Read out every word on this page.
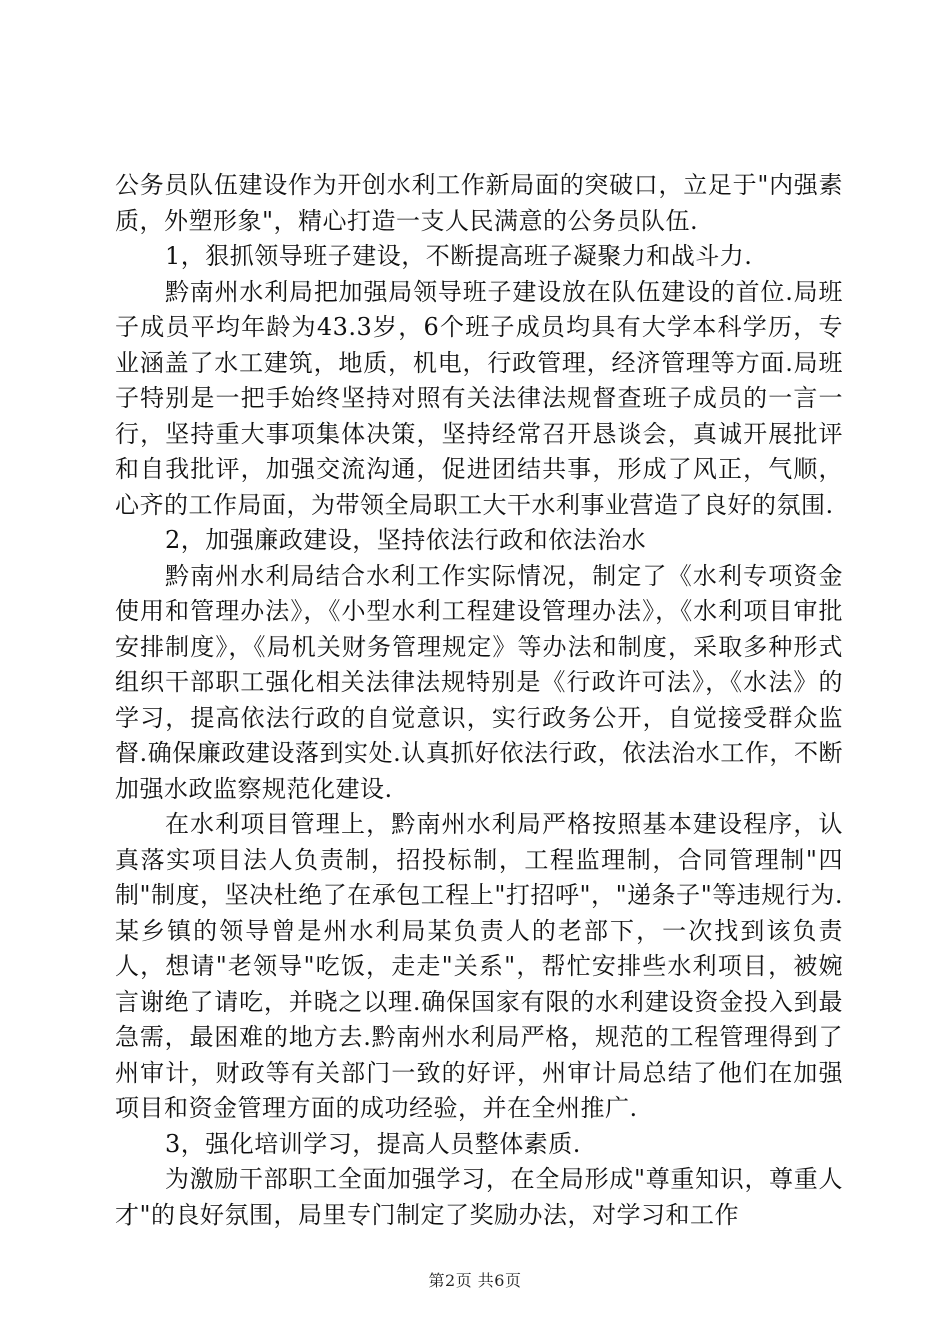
公务员队伍建设作为开创水利工作新局面的突破口，立足于"内强素质，外塑形象"，精心打造一支人民满意的公务员队伍.

1，狠抓领导班子建设，不断提高班子凝聚力和战斗力.

黔南州水利局把加强局领导班子建设放在队伍建设的首位.局班子成员平均年龄为43.3岁，6个班子成员均具有大学本科学历，专业涵盖了水工建筑，地质，机电，行政管理，经济管理等方面.局班子特别是一把手始终坚持对照有关法律法规督查班子成员的一言一行，坚持重大事项集体决策，坚持经常召开恳谈会，真诚开展批评和自我批评，加强交流沟通，促进团结共事，形成了风正，气顺，心齐的工作局面，为带领全局职工大干水利事业营造了良好的氛围.

2，加强廉政建设，坚持依法行政和依法治水

黔南州水利局结合水利工作实际情况，制定了《水利专项资金使用和管理办法》，《小型水利工程建设管理办法》，《水利项目审批安排制度》，《局机关财务管理规定》等办法和制度，采取多种形式组织干部职工强化相关法律法规特别是《行政许可法》，《水法》的学习，提高依法行政的自觉意识，实行政务公开，自觉接受群众监督.确保廉政建设落到实处.认真抓好依法行政，依法治水工作，不断加强水政监察规范化建设.

在水利项目管理上，黔南州水利局严格按照基本建设程序，认真落实项目法人负责制，招投标制，工程监理制，合同管理制"四制"制度，坚决杜绝了在承包工程上"打招呼"，"递条子"等违规行为.某乡镇的领导曾是州水利局某负责人的老部下，一次找到该负责人，想请"老领导"吃饭，走走"关系"，帮忙安排些水利项目，被婉言谢绝了请吃，并晓之以理.确保国家有限的水利建设资金投入到最急需，最困难的地方去.黔南州水利局严格，规范的工程管理得到了州审计，财政等有关部门一致的好评，州审计局总结了他们在加强项目和资金管理方面的成功经验，并在全州推广.

3，强化培训学习，提高人员整体素质.

为激励干部职工全面加强学习，在全局形成"尊重知识，尊重人才"的良好氛围，局里专门制定了奖励办法，对学习和工作

第2页 共6页
